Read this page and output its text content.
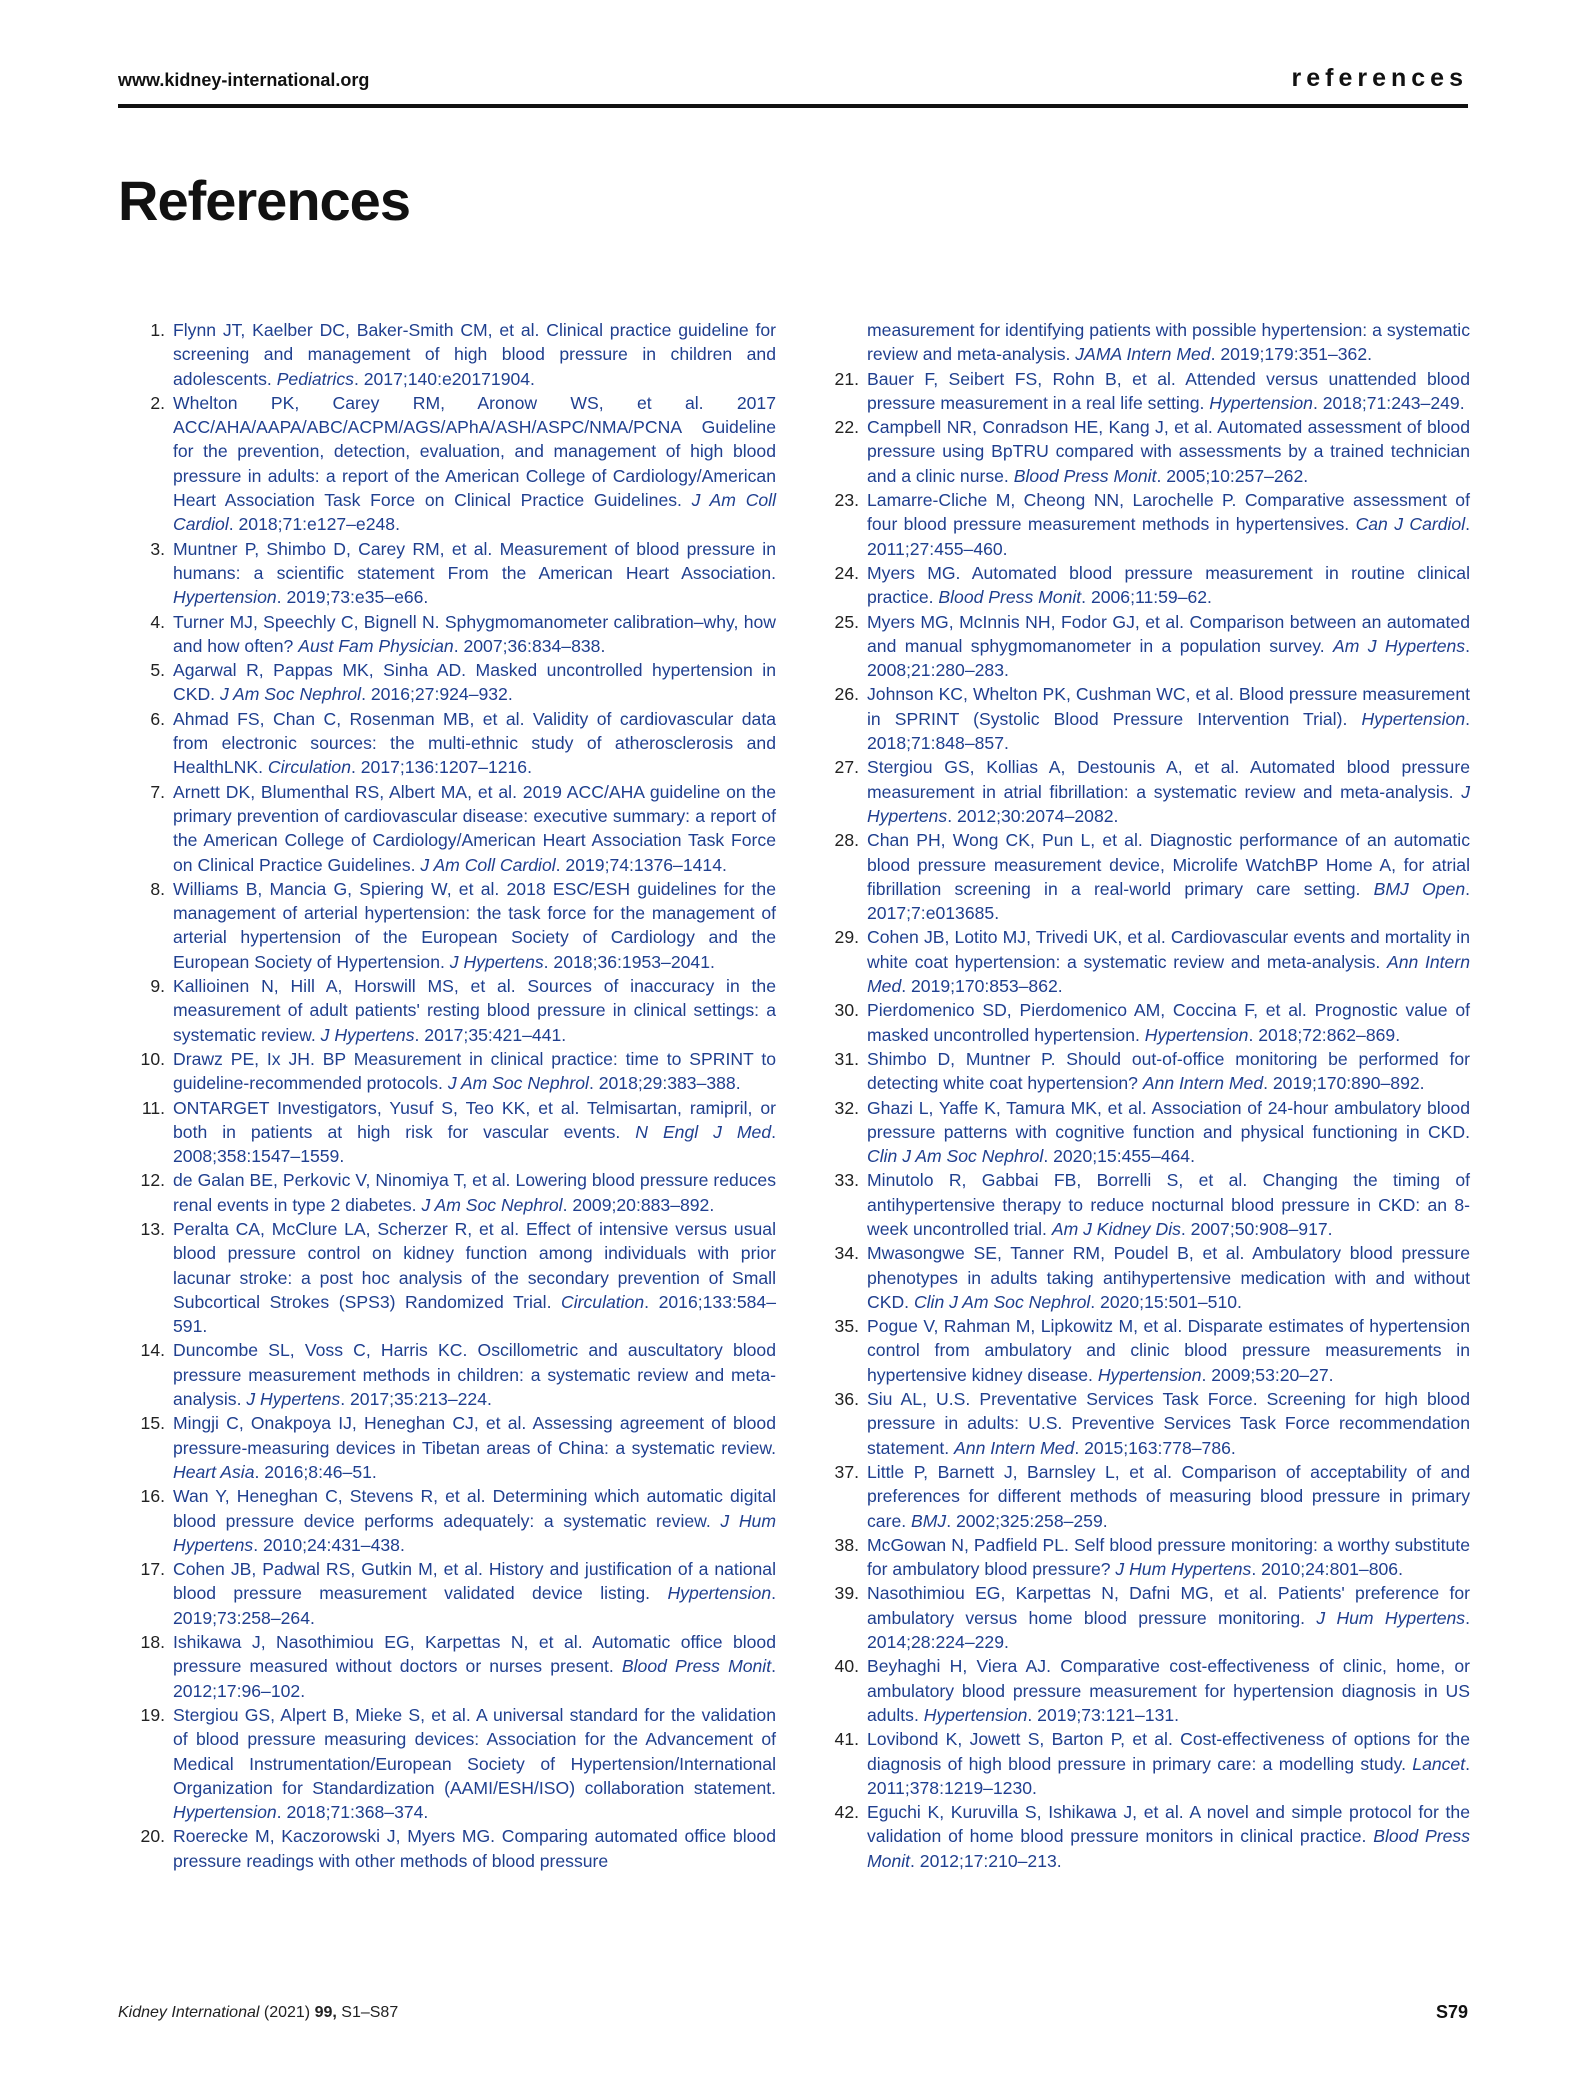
www.kidney-international.org	references
References

1. Flynn JT, Kaelber DC, Baker-Smith CM, et al. Clinical practice guideline for screening and management of high blood pressure in children and adolescents. Pediatrics. 2017;140:e20171904.

2. Whelton PK, Carey RM, Aronow WS, et al. 2017 ACC/AHA/AAPA/ABC/ACPM/AGS/APhA/ASH/ASPC/NMA/PCNA Guideline for the prevention, detection, evaluation, and management of high blood pressure in adults: a report of the American College of Cardiology/American Heart Association Task Force on Clinical Practice Guidelines. J Am Coll Cardiol. 2018;71:e127–e248.

3. Muntner P, Shimbo D, Carey RM, et al. Measurement of blood pressure in humans: a scientific statement From the American Heart Association. Hypertension. 2019;73:e35–e66.

4. Turner MJ, Speechly C, Bignell N. Sphygmomanometer calibration–why, how and how often? Aust Fam Physician. 2007;36:834–838.

5. Agarwal R, Pappas MK, Sinha AD. Masked uncontrolled hypertension in CKD. J Am Soc Nephrol. 2016;27:924–932.

6. Ahmad FS, Chan C, Rosenman MB, et al. Validity of cardiovascular data from electronic sources: the multi-ethnic study of atherosclerosis and HealthLNK. Circulation. 2017;136:1207–1216.

7. Arnett DK, Blumenthal RS, Albert MA, et al. 2019 ACC/AHA guideline on the primary prevention of cardiovascular disease: executive summary: a report of the American College of Cardiology/American Heart Association Task Force on Clinical Practice Guidelines. J Am Coll Cardiol. 2019;74:1376–1414.

8. Williams B, Mancia G, Spiering W, et al. 2018 ESC/ESH guidelines for the management of arterial hypertension: the task force for the management of arterial hypertension of the European Society of Cardiology and the European Society of Hypertension. J Hypertens. 2018;36:1953–2041.

9. Kallioinen N, Hill A, Horswill MS, et al. Sources of inaccuracy in the measurement of adult patients' resting blood pressure in clinical settings: a systematic review. J Hypertens. 2017;35:421–441.

10. Drawz PE, Ix JH. BP Measurement in clinical practice: time to SPRINT to guideline-recommended protocols. J Am Soc Nephrol. 2018;29:383–388.

11. ONTARGET Investigators, Yusuf S, Teo KK, et al. Telmisartan, ramipril, or both in patients at high risk for vascular events. N Engl J Med. 2008;358:1547–1559.

12. de Galan BE, Perkovic V, Ninomiya T, et al. Lowering blood pressure reduces renal events in type 2 diabetes. J Am Soc Nephrol. 2009;20:883–892.

13. Peralta CA, McClure LA, Scherzer R, et al. Effect of intensive versus usual blood pressure control on kidney function among individuals with prior lacunar stroke: a post hoc analysis of the secondary prevention of Small Subcortical Strokes (SPS3) Randomized Trial. Circulation. 2016;133:584–591.

14. Duncombe SL, Voss C, Harris KC. Oscillometric and auscultatory blood pressure measurement methods in children: a systematic review and meta-analysis. J Hypertens. 2017;35:213–224.

15. Mingji C, Onakpoya IJ, Heneghan CJ, et al. Assessing agreement of blood pressure-measuring devices in Tibetan areas of China: a systematic review. Heart Asia. 2016;8:46–51.

16. Wan Y, Heneghan C, Stevens R, et al. Determining which automatic digital blood pressure device performs adequately: a systematic review. J Hum Hypertens. 2010;24:431–438.

17. Cohen JB, Padwal RS, Gutkin M, et al. History and justification of a national blood pressure measurement validated device listing. Hypertension. 2019;73:258–264.

18. Ishikawa J, Nasothimiou EG, Karpettas N, et al. Automatic office blood pressure measured without doctors or nurses present. Blood Press Monit. 2012;17:96–102.

19. Stergiou GS, Alpert B, Mieke S, et al. A universal standard for the validation of blood pressure measuring devices: Association for the Advancement of Medical Instrumentation/European Society of Hypertension/International Organization for Standardization (AAMI/ESH/ISO) collaboration statement. Hypertension. 2018;71:368–374.

20. Roerecke M, Kaczorowski J, Myers MG. Comparing automated office blood pressure readings with other methods of blood pressure

measurement for identifying patients with possible hypertension: a systematic review and meta-analysis. JAMA Intern Med. 2019;179:351–362.

21. Bauer F, Seibert FS, Rohn B, et al. Attended versus unattended blood pressure measurement in a real life setting. Hypertension. 2018;71:243–249.

22. Campbell NR, Conradson HE, Kang J, et al. Automated assessment of blood pressure using BpTRU compared with assessments by a trained technician and a clinic nurse. Blood Press Monit. 2005;10:257–262.

23. Lamarre-Cliche M, Cheong NN, Larochelle P. Comparative assessment of four blood pressure measurement methods in hypertensives. Can J Cardiol. 2011;27:455–460.

24. Myers MG. Automated blood pressure measurement in routine clinical practice. Blood Press Monit. 2006;11:59–62.

25. Myers MG, McInnis NH, Fodor GJ, et al. Comparison between an automated and manual sphygmomanometer in a population survey. Am J Hypertens. 2008;21:280–283.

26. Johnson KC, Whelton PK, Cushman WC, et al. Blood pressure measurement in SPRINT (Systolic Blood Pressure Intervention Trial). Hypertension. 2018;71:848–857.

27. Stergiou GS, Kollias A, Destounis A, et al. Automated blood pressure measurement in atrial fibrillation: a systematic review and meta-analysis. J Hypertens. 2012;30:2074–2082.

28. Chan PH, Wong CK, Pun L, et al. Diagnostic performance of an automatic blood pressure measurement device, Microlife WatchBP Home A, for atrial fibrillation screening in a real-world primary care setting. BMJ Open. 2017;7:e013685.

29. Cohen JB, Lotito MJ, Trivedi UK, et al. Cardiovascular events and mortality in white coat hypertension: a systematic review and meta-analysis. Ann Intern Med. 2019;170:853–862.

30. Pierdomenico SD, Pierdomenico AM, Coccina F, et al. Prognostic value of masked uncontrolled hypertension. Hypertension. 2018;72:862–869.

31. Shimbo D, Muntner P. Should out-of-office monitoring be performed for detecting white coat hypertension? Ann Intern Med. 2019;170:890–892.

32. Ghazi L, Yaffe K, Tamura MK, et al. Association of 24-hour ambulatory blood pressure patterns with cognitive function and physical functioning in CKD. Clin J Am Soc Nephrol. 2020;15:455–464.

33. Minutolo R, Gabbai FB, Borrelli S, et al. Changing the timing of antihypertensive therapy to reduce nocturnal blood pressure in CKD: an 8-week uncontrolled trial. Am J Kidney Dis. 2007;50:908–917.

34. Mwasongwe SE, Tanner RM, Poudel B, et al. Ambulatory blood pressure phenotypes in adults taking antihypertensive medication with and without CKD. Clin J Am Soc Nephrol. 2020;15:501–510.

35. Pogue V, Rahman M, Lipkowitz M, et al. Disparate estimates of hypertension control from ambulatory and clinic blood pressure measurements in hypertensive kidney disease. Hypertension. 2009;53:20–27.

36. Siu AL, U.S. Preventative Services Task Force. Screening for high blood pressure in adults: U.S. Preventive Services Task Force recommendation statement. Ann Intern Med. 2015;163:778–786.

37. Little P, Barnett J, Barnsley L, et al. Comparison of acceptability of and preferences for different methods of measuring blood pressure in primary care. BMJ. 2002;325:258–259.

38. McGowan N, Padfield PL. Self blood pressure monitoring: a worthy substitute for ambulatory blood pressure? J Hum Hypertens. 2010;24:801–806.

39. Nasothimiou EG, Karpettas N, Dafni MG, et al. Patients' preference for ambulatory versus home blood pressure monitoring. J Hum Hypertens. 2014;28:224–229.

40. Beyhaghi H, Viera AJ. Comparative cost-effectiveness of clinic, home, or ambulatory blood pressure measurement for hypertension diagnosis in US adults. Hypertension. 2019;73:121–131.

41. Lovibond K, Jowett S, Barton P, et al. Cost-effectiveness of options for the diagnosis of high blood pressure in primary care: a modelling study. Lancet. 2011;378:1219–1230.

42. Eguchi K, Kuruvilla S, Ishikawa J, et al. A novel and simple protocol for the validation of home blood pressure monitors in clinical practice. Blood Press Monit. 2012;17:210–213.

Kidney International (2021) 99, S1–S87	S79
